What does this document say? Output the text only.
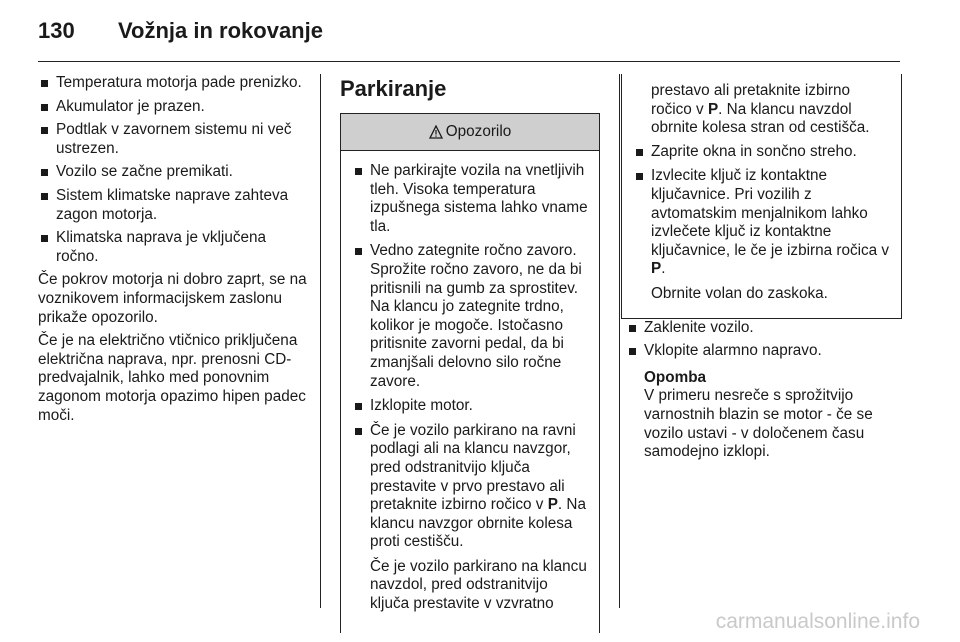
130 Vožnja in rokovanje
Temperatura motorja pade prenizko.
Akumulator je prazen.
Podtlak v zavornem sistemu ni več ustrezen.
Vozilo se začne premikati.
Sistem klimatske naprave zahteva zagon motorja.
Klimatska naprava je vključena ročno.

Če pokrov motorja ni dobro zaprt, se na voznikovem informacijskem zaslonu prikaže opozorilo.

Če je na električno vtičnico priključena električna naprava, npr. prenosni CD-predvajalnik, lahko med ponovnim zagonom motorja opazimo hipen padec moči.

Parkiranje
Opozorilo
Ne parkirajte vozila na vnetljivih tleh. Visoka temperatura izpušnega sistema lahko vname tla.
Vedno zategnite ročno zavoro. Sprožite ročno zavoro, ne da bi pritisnili na gumb za sprostitev. Na klancu jo zategnite trdno, kolikor je mogoče. Istočasno pritisnite zavorni pedal, da bi zmanjšali delovno silo ročne zavore.
Izklopite motor.
Če je vozilo parkirano na ravni podlagi ali na klancu navzgor, pred odstranitvijo ključa prestavite v prvo prestavo ali pretaknite izbirno ročico v P. Na klancu navzgor obrnite kolesa proti cestišču.

Če je vozilo parkirano na klancu navzdol, pred odstranitvijo ključa prestavite v vzvratno

prestavo ali pretaknite izbirno ročico v P. Na klancu navzdol obrnite kolesa stran od cestišča.

Zaprite okna in sončno streho.
Izvlecite ključ iz kontaktne ključavnice. Pri vozilih z avtomatskim menjalnikom lahko izvlečete ključ iz kontaktne ključavnice, le če je izbirna ročica v P.

Obrnite volan do zaskoka.

Zaklenite vozilo.
Vklopite alarmno napravo.
Opomba
V primeru nesreče s sprožitvijo varnostnih blazin se motor - če se vozilo ustavi - v določenem času samodejno izklopi.
carmanualsonline.info
